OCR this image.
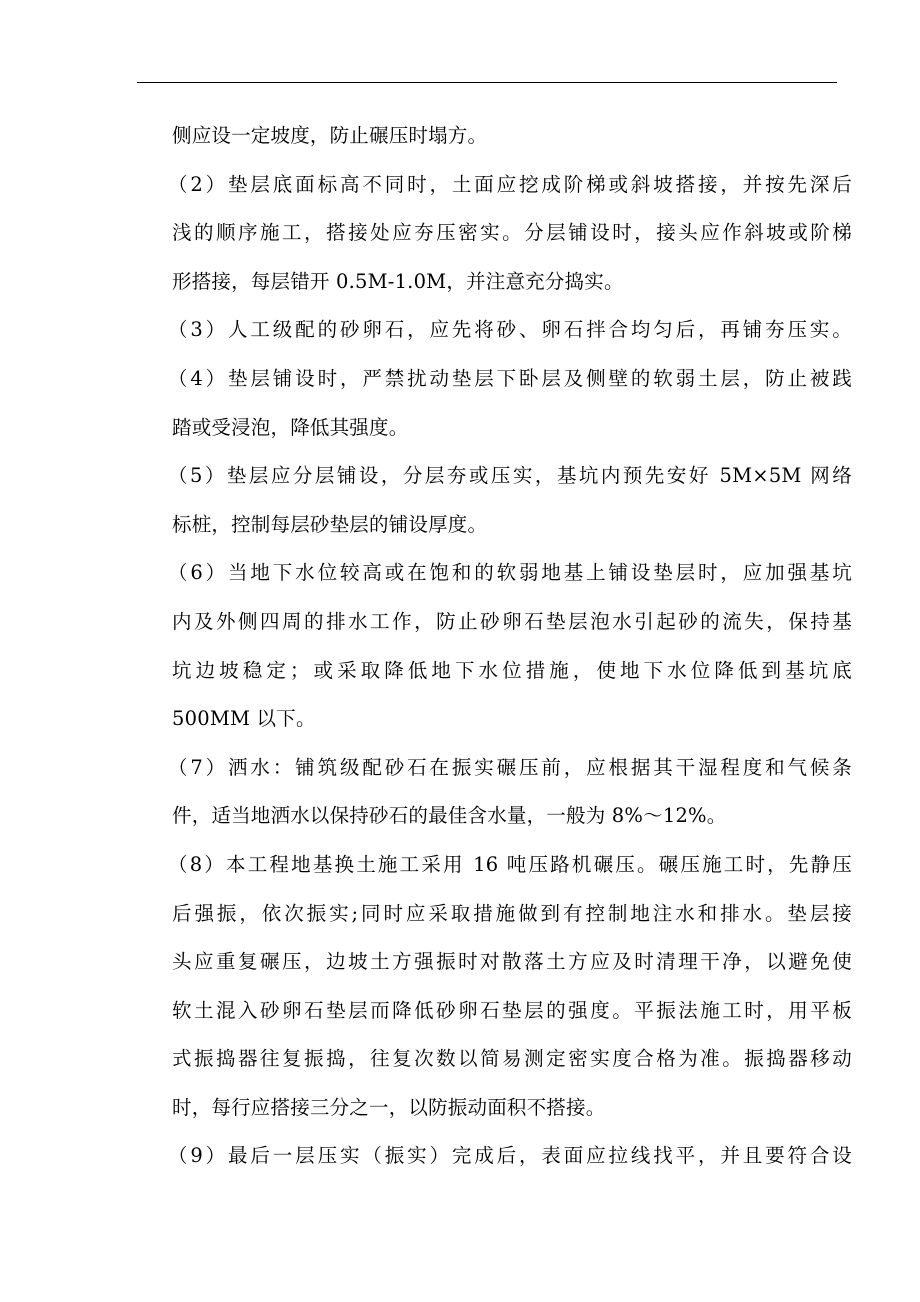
侧应设一定坡度，防止碾压时塌方。
（2）垫层底面标高不同时，土面应挖成阶梯或斜坡搭接，并按先深后
浅的顺序施工，搭接处应夯压密实。分层铺设时，接头应作斜坡或阶梯
形搭接，每层错开 0.5M-1.0M，并注意充分捣实。
（3）人工级配的砂卵石，应先将砂、卵石拌合均匀后，再铺夯压实。
（4）垫层铺设时，严禁扰动垫层下卧层及侧壁的软弱土层，防止被践
踏或受浸泡，降低其强度。
（5）垫层应分层铺设，分层夯或压实，基坑内预先安好 5M×5M 网络
标桩，控制每层砂垫层的铺设厚度。
（6）当地下水位较高或在饱和的软弱地基上铺设垫层时，应加强基坑
内及外侧四周的排水工作，防止砂卵石垫层泡水引起砂的流失，保持基
坑边坡稳定；或采取降低地下水位措施，使地下水位降低到基坑底
500MM 以下。
（7）洒水：铺筑级配砂石在振实碾压前，应根据其干湿程度和气候条
件，适当地洒水以保持砂石的最佳含水量，一般为 8%～12%。
（8）本工程地基换土施工采用 16 吨压路机碾压。碾压施工时，先静压
后强振，依次振实;同时应采取措施做到有控制地注水和排水。垫层接
头应重复碾压，边坡土方强振时对散落土方应及时清理干净，以避免使
软土混入砂卵石垫层而降低砂卵石垫层的强度。平振法施工时，用平板
式振捣器往复振捣，往复次数以简易测定密实度合格为准。振捣器移动
时，每行应搭接三分之一，以防振动面积不搭接。
（9）最后一层压实（振实）完成后，表面应拉线找平，并且要符合设
